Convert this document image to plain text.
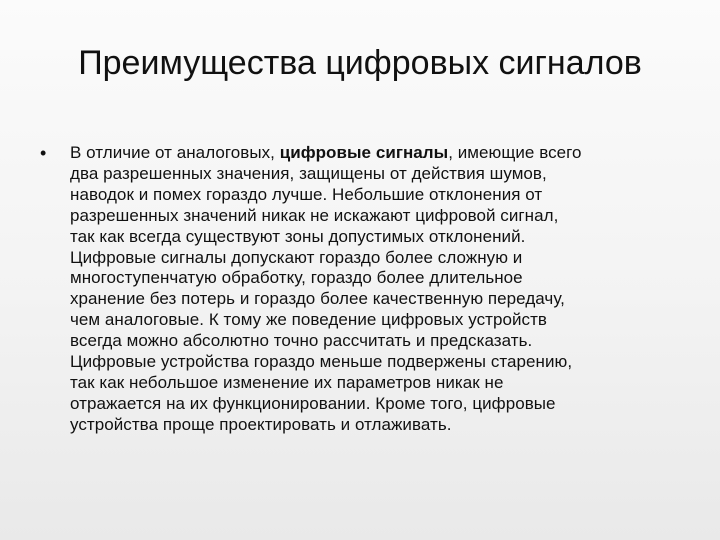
Преимущества цифровых сигналов
• В отличие от аналоговых, цифровые сигналы, имеющие всего
два разрешенных значения, защищены от действия шумов,
наводок и помех гораздо лучше. Небольшие отклонения от
разрешенных значений никак не искажают цифровой сигнал,
так как всегда существуют зоны допустимых отклонений.
Цифровые сигналы допускают гораздо более сложную и
многоступенчатую обработку, гораздо более длительное
хранение без потерь и гораздо более качественную передачу,
чем аналоговые. К тому же поведение цифровых устройств
всегда можно абсолютно точно рассчитать и предсказать.
Цифровые устройства гораздо меньше подвержены старению,
так как небольшое изменение их параметров никак не
отражается на их функционировании. Кроме того, цифровые
устройства проще проектировать и отлаживать.
